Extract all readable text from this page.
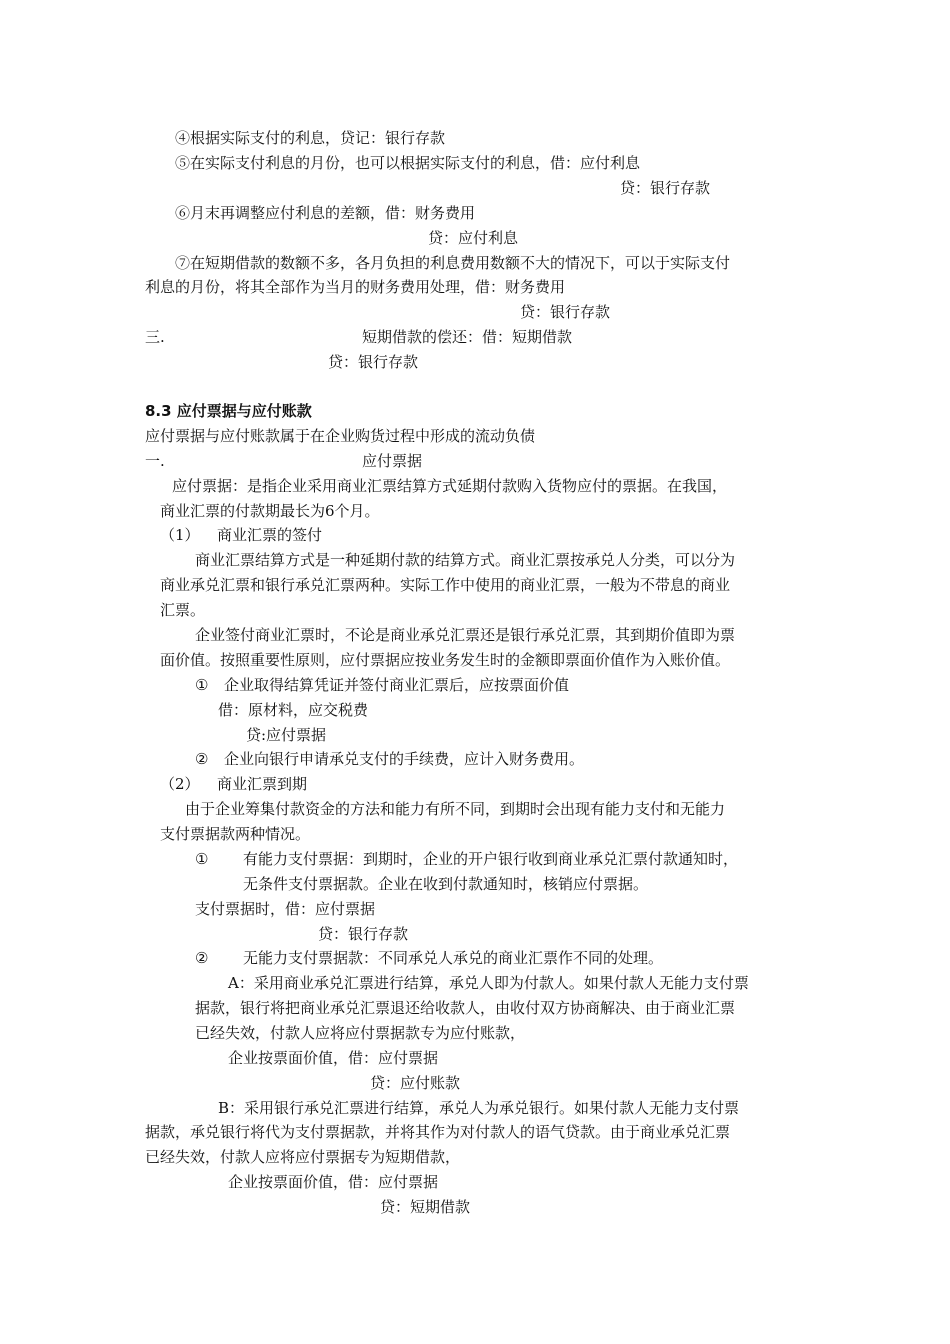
④根据实际支付的利息，贷记：银行存款
⑤在实际支付利息的月份，也可以根据实际支付的利息，借：应付利息
贷：银行存款
⑥月末再调整应付利息的差额，借：财务费用
贷：应付利息
⑦在短期借款的数额不多，各月负担的利息费用数额不大的情况下，可以于实际支付
利息的月份，将其全部作为当月的财务费用处理，借：财务费用
贷：银行存款
三.	短期借款的偿还：借：短期借款
贷：银行存款
8.3 应付票据与应付账款
应付票据与应付账款属于在企业购货过程中形成的流动负债
一.	应付票据
应付票据：是指企业采用商业汇票结算方式延期付款购入货物应付的票据。在我国，
商业汇票的付款期最长为6个月。
（1） 商业汇票的签付
商业汇票结算方式是一种延期付款的结算方式。商业汇票按承兑人分类，可以分为
商业承兑汇票和银行承兑汇票两种。实际工作中使用的商业汇票，一般为不带息的商业
汇票。
企业签付商业汇票时，不论是商业承兑汇票还是银行承兑汇票，其到期价值即为票
面价值。按照重要性原则，应付票据应按业务发生时的金额即票面价值作为入账价值。
① 企业取得结算凭证并签付商业汇票后，应按票面价值
借：原材料，应交税费
贷:应付票据
② 企业向银行申请承兑支付的手续费，应计入财务费用。
（2） 商业汇票到期
由于企业筹集付款资金的方法和能力有所不同，到期时会出现有能力支付和无能力
支付票据款两种情况。
① 有能力支付票据：到期时，企业的开户银行收到商业承兑汇票付款通知时，
无条件支付票据款。企业在收到付款通知时，核销应付票据。
支付票据时，借：应付票据
贷：银行存款
② 无能力支付票据款：不同承兑人承兑的商业汇票作不同的处理。
A：采用商业承兑汇票进行结算，承兑人即为付款人。如果付款人无能力支付票
据款，银行将把商业承兑汇票退还给收款人，由收付双方协商解决、由于商业汇票
已经失效，付款人应将应付票据款专为应付账款，
企业按票面价值，借：应付票据
贷：应付账款
B：采用银行承兑汇票进行结算，承兑人为承兑银行。如果付款人无能力支付票
据款，承兑银行将代为支付票据款，并将其作为对付款人的语气贷款。由于商业承兑汇票
已经失效，付款人应将应付票据专为短期借款，
企业按票面价值，借：应付票据
贷：短期借款
